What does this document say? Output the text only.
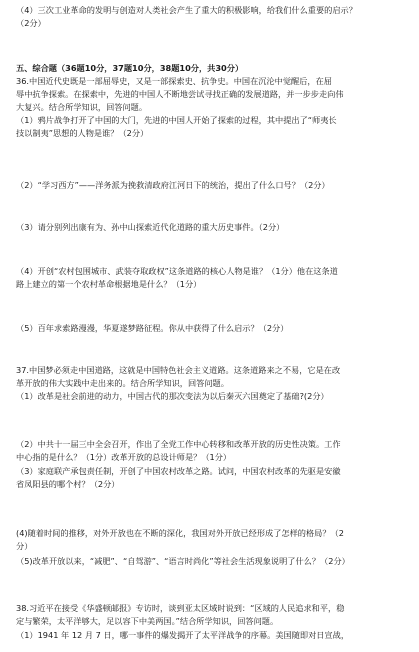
（4）三次工业革命的发明与创造对人类社会产生了重大的积极影响，给我们什么重要的启示？
（2分）
五、综合题（36题10分，37题10分，38题10分，共30分）
36.中国近代史既是一部屈辱史，又是一部探索史、抗争史。中国在沉沦中觉醒后，在屈
辱中抗争探索。在探索中，先进的中国人不断地尝试寻找正确的发展道路，并一步步走向伟
大复兴。结合所学知识，回答问题。
（1）鸦片战争打开了中国的大门，先进的中国人开始了探索的过程，其中提出了“师夷长
技以制夷”思想的人物是谁？（2分）
（2）“学习西方”——洋务派为挽救清政府江河日下的统治，提出了什么口号？（2分）
（3）请分别列出康有为、孙中山探索近代化道路的重大历史事件。（2分）
（4）开创“农村包围城市、武装夺取政权”这条道路的核心人物是谁？（1分）他在这条道
路上建立的第一个农村革命根据地是什么？（1分）
（5）百年求索路漫漫，华夏遂梦路征程。你从中获得了什么启示？（2分）
37.中国梦必须走中国道路，这就是中国特色社会主义道路。这条道路来之不易，它是在改
革开放的伟大实践中走出来的。结合所学知识，回答问题。
（1）改革是社会前进的动力，中国古代的那次变法为以后秦灭六国奠定了基础?(2分）
（2）中共十一届三中全会召开，作出了全党工作中心转移和改革开放的历史性决策。工作
中心指的是什么？（1分）改革开放的总设计师是？（1分）
（3）家庭联产承包责任制，开创了中国农村改革之路。试问，中国农村改革的先驱是安徽
省凤阳县的哪个村？（2分）
(4)随着时间的推移，对外开放也在不断的深化，我国对外开放已经形成了怎样的格局？（2
分）
（5)改革开放以来，“减肥”、“自驾游”、“语言时尚化”等社会生活现象说明了什么？（2分）
38.习近平在接受《华盛顿邮报》专访时，谈到亚太区域时说到：“区域的人民追求和平，稳
定与繁荣，太平洋够大，足以容下中美两国。”结合所学知识，回答问题。
（1）1941 年 12 月 7 日，哪一事件的爆发揭开了太平洋战争的序幕。美国随即对日宣战，
